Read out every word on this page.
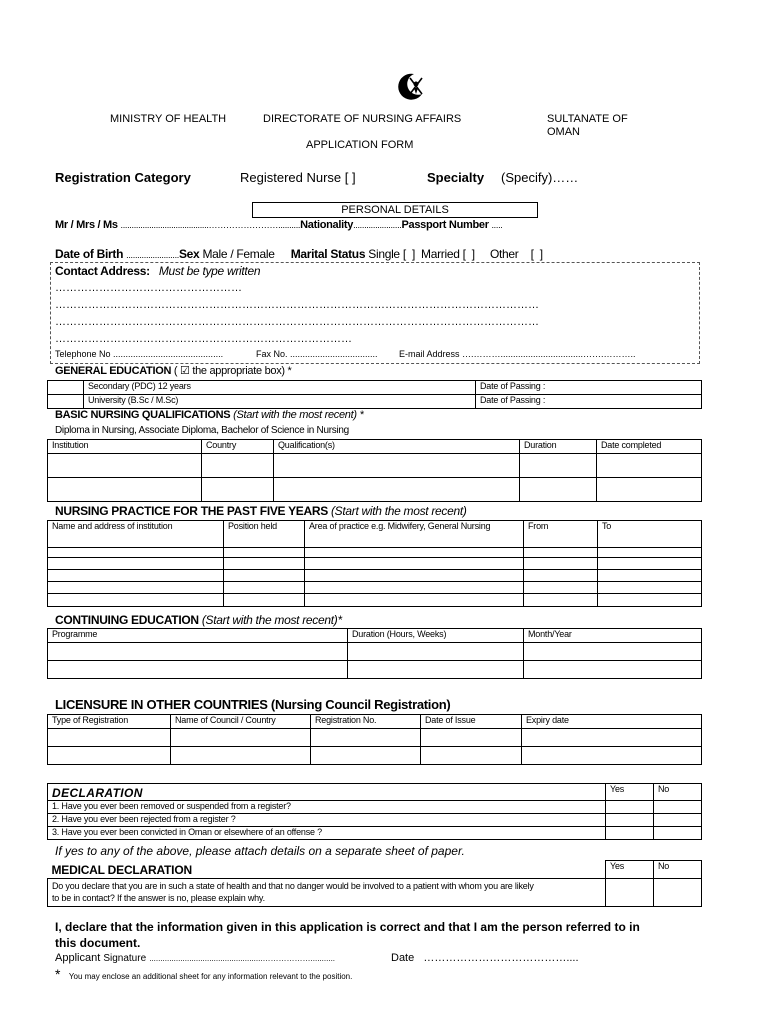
MINISTRY OF HEALTH	DIRECTORATE OF NURSING AFFAIRS	SULTANATE OF
OMAN
APPLICATION FORM
Registration Category	Registered Nurse [ ]	Specialty (Specify)……
PERSONAL DETAILS
Mr / Mrs / Ms ........................................……………………..........Nationality......................Passport Number .....
Date of Birth ........................Sex Male / Female Marital Status Single [  ]  Married [  ]     Other    [  ]
Contact Address: Must be type written
……………………………………………
……………………………………………………………………………………………………………………
……………………………………………………………………………………………………………………
………………………………………………………………………
Telephone No ............................................	Fax No. ................................... E-mail Address ….……….................................…….………..
GENERAL EDUCATION ( ☑ the appropriate box) *
	Secondary (PDC) 12 years	Date of Passing :
	University (B.Sc / M.Sc)	Date of Passing :
BASIC NURSING QUALIFICATIONS (Start with the most recent) *
Diploma in Nursing, Associate Diploma, Bachelor of Science in Nursing
Institution	Country	Qualification(s)	Duration	Date completed

NURSING PRACTICE FOR THE PAST FIVE YEARS (Start with the most recent)
Name and address of institution	Position held	Area of practice e.g. Midwifery, General Nursing	From	To

CONTINUING EDUCATION (Start with the most recent)*
Programme	Duration (Hours, Weeks)	Month/Year

LICENSURE IN OTHER COUNTRIES (Nursing Council Registration)
Type of Registration	Name of Council / Country	Registration No.	Date of Issue	Expiry date

DECLARATION	Yes	No
1. Have you ever been removed or suspended from a register?		
2. Have you ever been rejected from a register ?		
3. Have you ever been convicted in Oman or elsewhere of an offense ?		
If yes to any of the above, please attach details on a separate sheet of paper.
MEDICAL DECLARATION	Yes	No

Do you declare that you are in such a state of health and that no danger would be involved to a patient with whom you are likely
to be in contact? If the answer is no, please explain why.		

I, declare that the information given in this application is correct and that I am the person referred to in
this document.
Applicant Signature ...................................................………………...........	Date …………………………………....
* You may enclose an additional sheet for any information relevant to the position.
